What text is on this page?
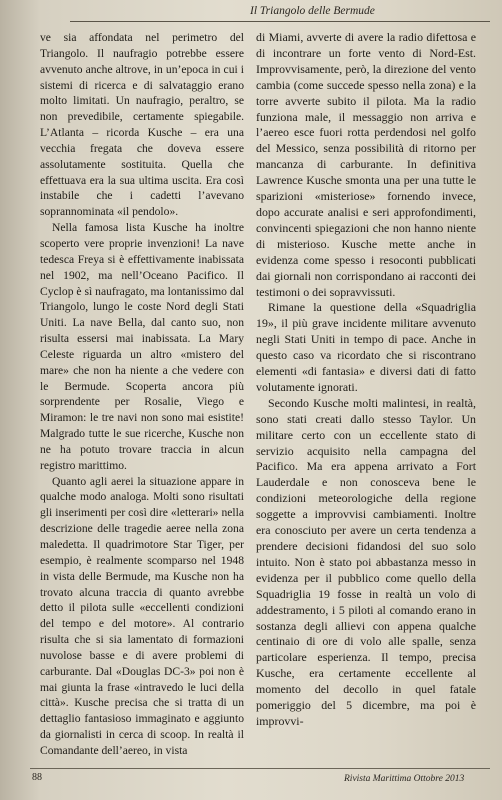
Il Triangolo delle Bermude

ve sia affondata nel perimetro del Triangolo. Il naufragio potrebbe essere avvenuto anche altrove, in un’epoca in cui i sistemi di ricerca e di salvataggio erano molto limitati. Un naufragio, peraltro, se non prevedibile, certamente spiegabile. L’Atlanta – ricorda Kusche – era una vecchia fregata che doveva essere assolutamente sostituita. Quella che effettuava era la sua ultima uscita. Era così instabile che i cadetti l’avevano soprannominata «il pendolo».

Nella famosa lista Kusche ha inoltre scoperto vere proprie invenzioni! La nave tedesca Freya si è effettivamente inabissata nel 1902, ma nell’Oceano Pacifico. Il Cyclop è sì naufragato, ma lontanissimo dal Triangolo, lungo le coste Nord degli Stati Uniti. La nave Bella, dal canto suo, non risulta essersi mai inabissata. La Mary Celeste riguarda un altro «mistero del mare» che non ha niente a che vedere con le Bermude. Scoperta ancora più sorprendente per Rosalie, Viego e Miramon: le tre navi non sono mai esistite! Malgrado tutte le sue ricerche, Kusche non ne ha potuto trovare traccia in alcun registro marittimo.

Quanto agli aerei la situazione appare in qualche modo analoga. Molti sono risultati gli inserimenti per così dire «letterari» nella descrizione delle tragedie aeree nella zona maledetta. Il quadrimotore Star Tiger, per esempio, è realmente scomparso nel 1948 in vista delle Bermude, ma Kusche non ha trovato alcuna traccia di quanto avrebbe detto il pilota sulle «eccellenti condizioni del tempo e del motore». Al contrario risulta che si sia lamentato di formazioni nuvolose basse e di avere problemi di carburante. Dal «Douglas DC-3» poi non è mai giunta la frase «intravedo le luci della città». Kusche precisa che si tratta di un dettaglio fantasioso immaginato e aggiunto da giornalisti in cerca di scoop. In realtà il Comandante dell’aereo, in vista

di Miami, avverte di avere la radio difettosa e di incontrare un forte vento di Nord-Est. Improvvisamente, però, la direzione del vento cambia (come succede spesso nella zona) e la torre avverte subito il pilota. Ma la radio funziona male, il messaggio non arriva e l’aereo esce fuori rotta perdendosi nel golfo del Messico, senza possibilità di ritorno per mancanza di carburante. In definitiva Lawrence Kusche smonta una per una tutte le sparizioni «misteriose» fornendo invece, dopo accurate analisi e seri approfondimenti, convincenti spiegazioni che non hanno niente di misterioso. Kusche mette anche in evidenza come spesso i resoconti pubblicati dai giornali non corrispondano ai racconti dei testimoni o dei sopravvissuti.

Rimane la questione della «Squadriglia 19», il più grave incidente militare avvenuto negli Stati Uniti in tempo di pace. Anche in questo caso va ricordato che si riscontrano elementi «di fantasia» e diversi dati di fatto volutamente ignorati.

Secondo Kusche molti malintesi, in realtà, sono stati creati dallo stesso Taylor. Un militare certo con un eccellente stato di servizio acquisito nella campagna del Pacifico. Ma era appena arrivato a Fort Lauderdale e non conosceva bene le condizioni meteorologiche della regione soggette a improvvisi cambiamenti. Inoltre era conosciuto per avere un certa tendenza a prendere decisioni fidandosi del suo solo intuito. Non è stato poi abbastanza messo in evidenza per il pubblico come quello della Squadriglia 19 fosse in realtà un volo di addestramento, i 5 piloti al comando erano in sostanza degli allievi con appena qualche centinaio di ore di volo alle spalle, senza particolare esperienza. Il tempo, precisa Kusche, era certamente eccellente al momento del decollo in quel fatale pomeriggio del 5 dicembre, ma poi è improvvi-

88	Rivista Marittima Ottobre 2013
